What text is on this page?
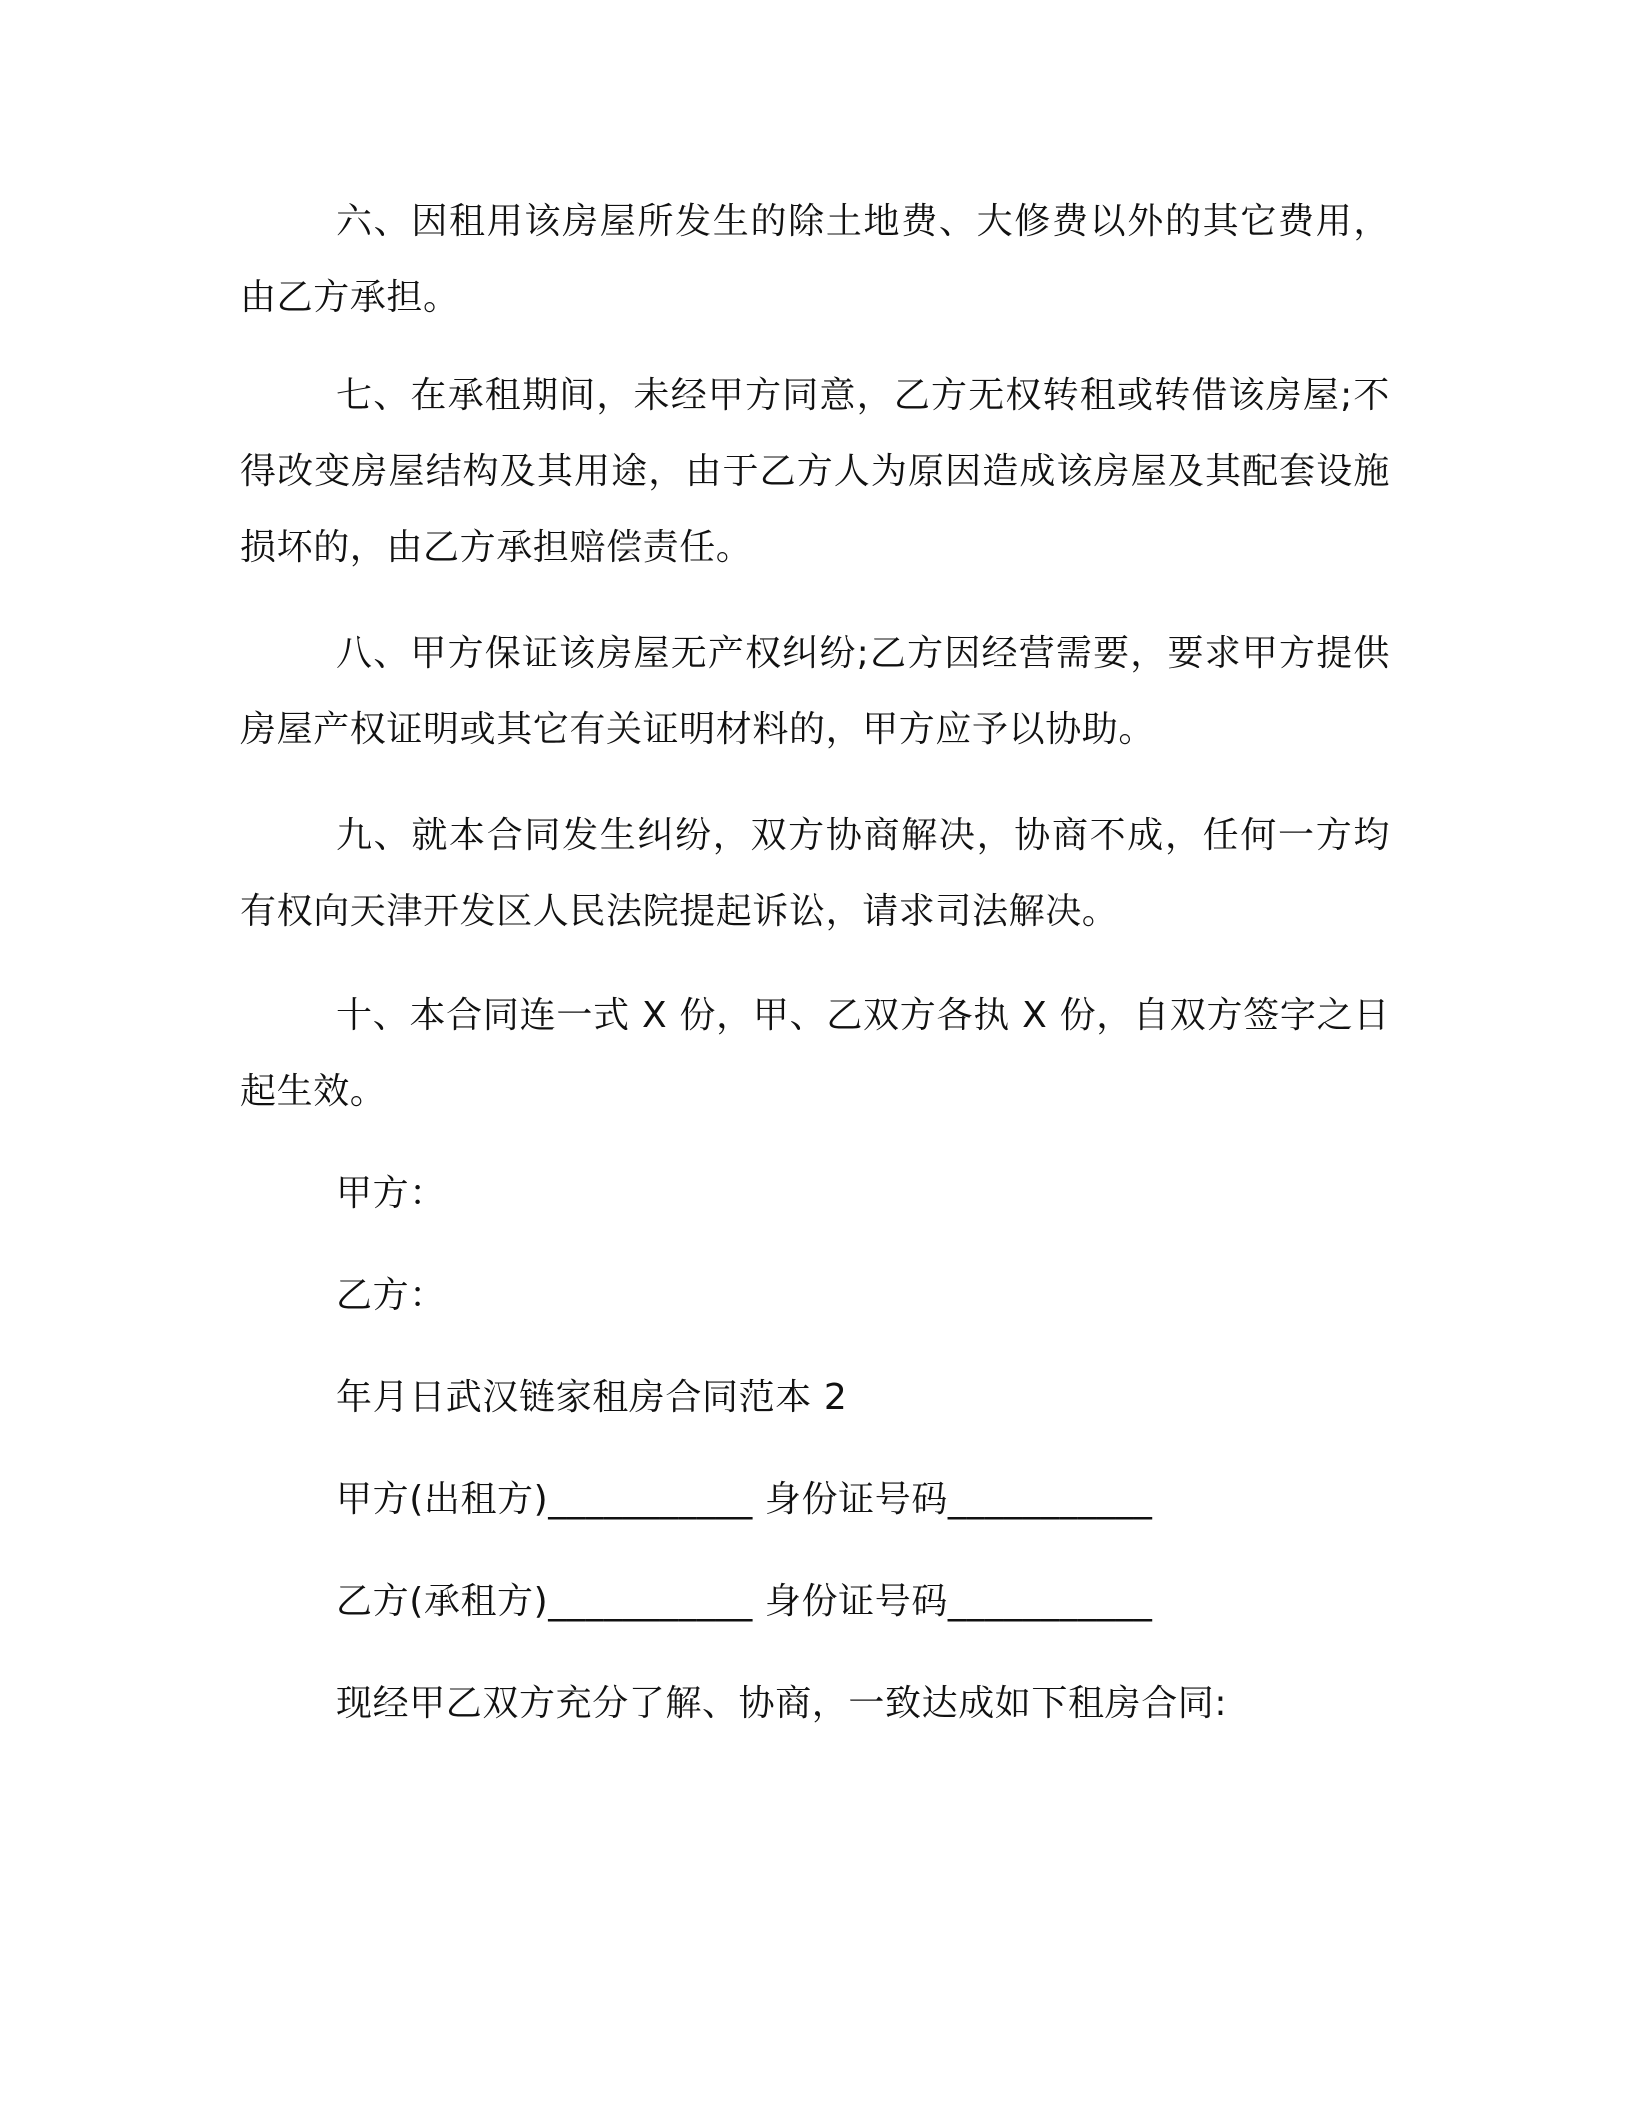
六、因租用该房屋所发生的除土地费、大修费以外的其它费用，由乙方承担。

七、在承租期间，未经甲方同意，乙方无权转租或转借该房屋;不得改变房屋结构及其用途，由于乙方人为原因造成该房屋及其配套设施损坏的，由乙方承担赔偿责任。

八、甲方保证该房屋无产权纠纷;乙方因经营需要，要求甲方提供房屋产权证明或其它有关证明材料的，甲方应予以协助。

九、就本合同发生纠纷，双方协商解决，协商不成，任何一方均有权向天津开发区人民法院提起诉讼，请求司法解决。

十、本合同连一式 X 份，甲、乙双方各执 X 份，自双方签字之日起生效。

甲方：

乙方：

年月日武汉链家租房合同范本 2

甲方(出租方)___________ 身份证号码___________

乙方(承租方)___________ 身份证号码___________

现经甲乙双方充分了解、协商，一致达成如下租房合同:
